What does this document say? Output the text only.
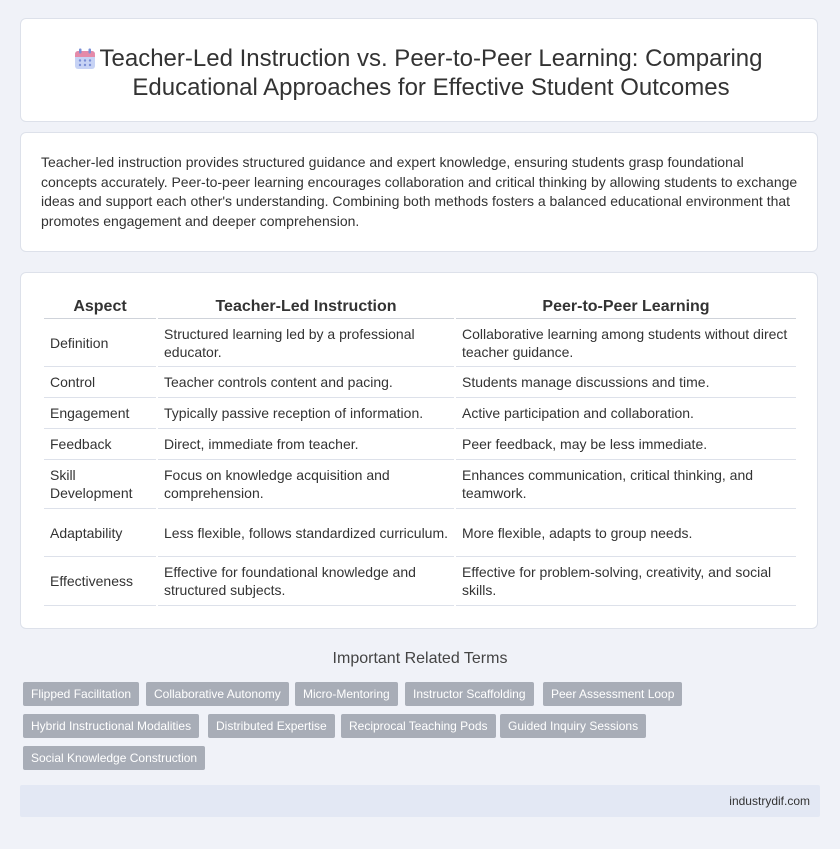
Teacher-Led Instruction vs. Peer-to-Peer Learning: Comparing Educational Approaches for Effective Student Outcomes

Teacher-led instruction provides structured guidance and expert knowledge, ensuring students grasp foundational concepts accurately. Peer-to-peer learning encourages collaboration and critical thinking by allowing students to exchange ideas and support each other's understanding. Combining both methods fosters a balanced educational environment that promotes engagement and deeper comprehension.

Aspect	Teacher-Led Instruction	Peer-to-Peer Learning
Definition	Structured learning led by a professional educator.	Collaborative learning among students without direct teacher guidance.
Control	Teacher controls content and pacing.	Students manage discussions and time.
Engagement	Typically passive reception of information.	Active participation and collaboration.
Feedback	Direct, immediate from teacher.	Peer feedback, may be less immediate.
Skill Development	Focus on knowledge acquisition and comprehension.	Enhances communication, critical thinking, and teamwork.
Adaptability	Less flexible, follows standardized curriculum.	More flexible, adapts to group needs.
Effectiveness	Effective for foundational knowledge and structured subjects.	Effective for problem-solving, creativity, and social skills.
Important Related Terms
Flipped Facilitation	Collaborative Autonomy	Micro-Mentoring	Instructor Scaffolding	Peer Assessment Loop
Hybrid Instructional Modalities	Distributed Expertise	Reciprocal Teaching Pods	Guided Inquiry Sessions
Social Knowledge Construction
industrydif.com
